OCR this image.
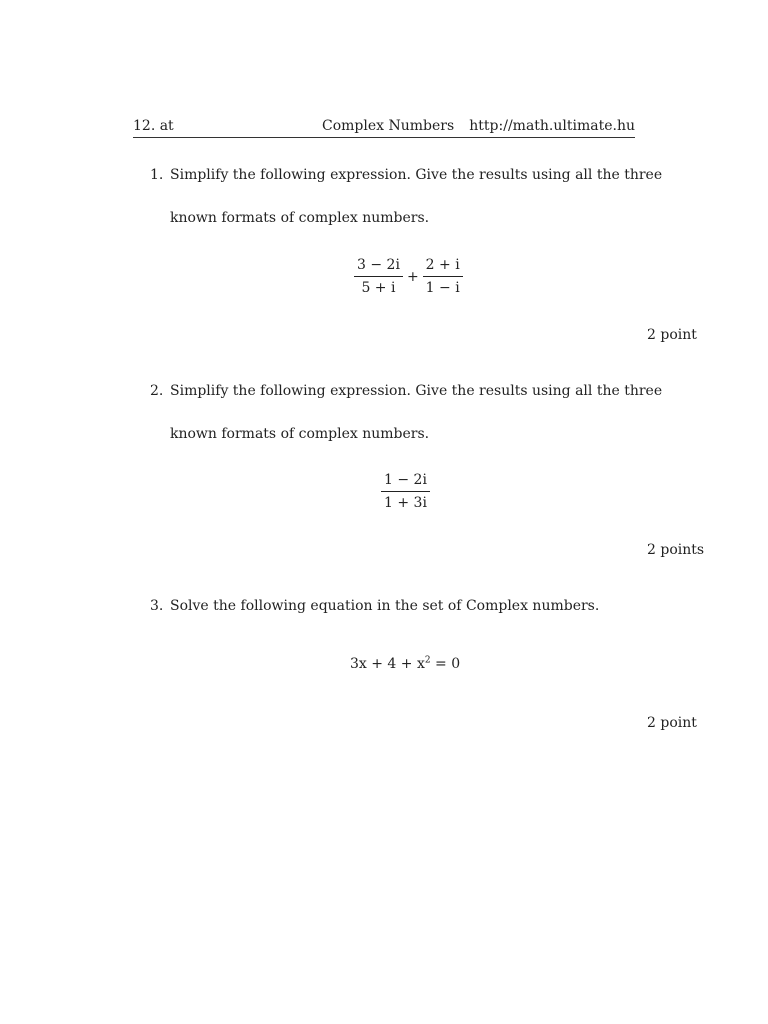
12. at	Complex Numbers http://math.ultimate.hu
1. Simplify the following expression. Give the results using all the three
known formats of complex numbers.
$\frac{3 - 2i}{5 + i} + \frac{2 + i}{1 - i}$
2 point
2. Simplify the following expression. Give the results using all the three
known formats of complex numbers.
$\frac{1 - 2i}{1 + 3i}$
2 points
3. Solve the following equation in the set of Complex numbers.
$3x + 4 + x^2 = 0$
2 point
